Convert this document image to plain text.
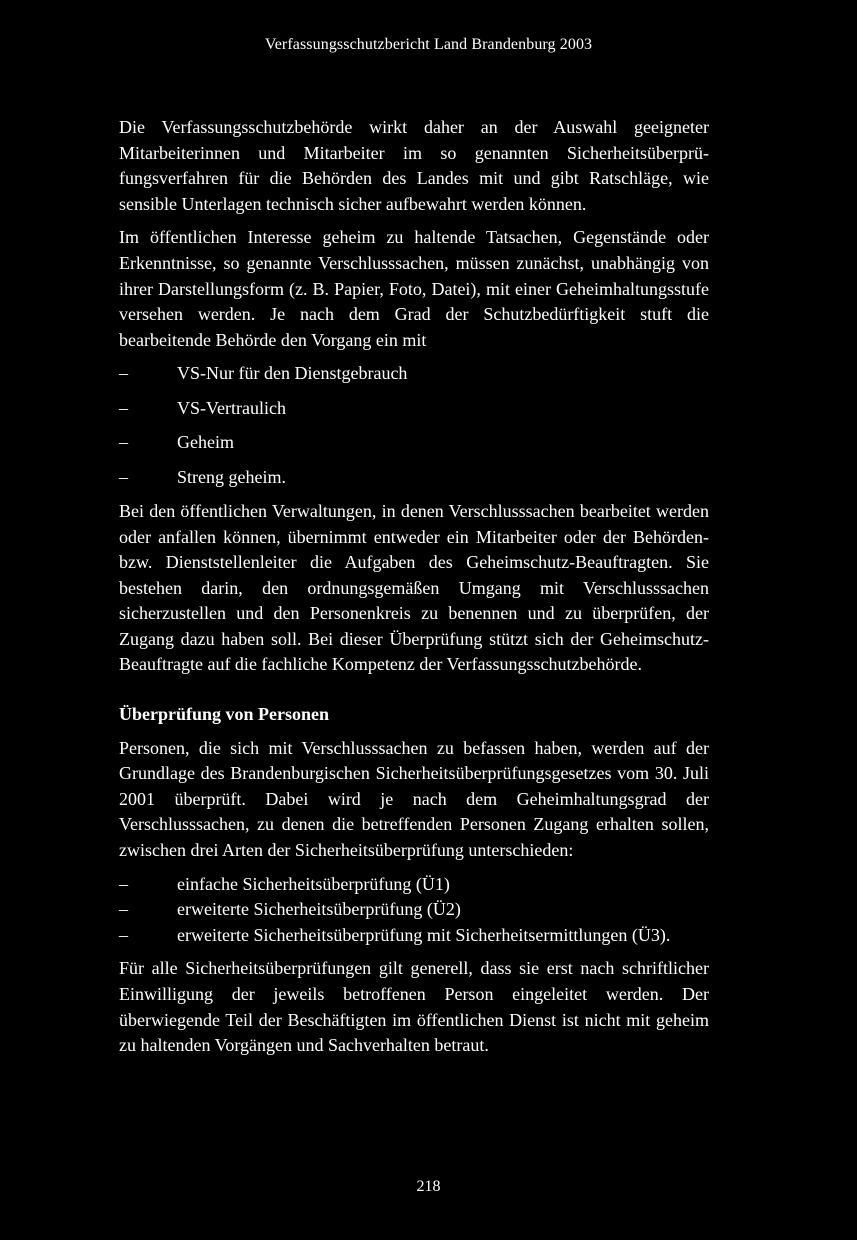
Verfassungsschutzbericht Land Brandenburg 2003

Die Verfassungsschutzbehörde wirkt daher an der Auswahl geeigneter Mitarbeiterinnen und Mitarbeiter im so genannten Sicherheitsüberprüfungsverfahren für die Behörden des Landes mit und gibt Ratschläge, wie sensible Unterlagen technisch sicher aufbewahrt werden können.

Im öffentlichen Interesse geheim zu haltende Tatsachen, Gegenstände oder Erkenntnisse, so genannte Verschlusssachen, müssen zunächst, unabhängig von ihrer Darstellungsform (z. B. Papier, Foto, Datei), mit einer Geheimhaltungsstufe versehen werden. Je nach dem Grad der Schutzbedürftigkeit stuft die bearbeitende Behörde den Vorgang ein mit

–	VS-Nur für den Dienstgebrauch
–	VS-Vertraulich
–	Geheim
–	Streng geheim.

Bei den öffentlichen Verwaltungen, in denen Verschlusssachen bearbeitet werden oder anfallen können, übernimmt entweder ein Mitarbeiter oder der Behörden- bzw. Dienststellenleiter die Aufgaben des Geheimschutz-Beauftragten. Sie bestehen darin, den ordnungsgemäßen Umgang mit Verschlusssachen sicherzustellen und den Personenkreis zu benennen und zu überprüfen, der Zugang dazu haben soll. Bei dieser Überprüfung stützt sich der Geheimschutz-Beauftragte auf die fachliche Kompetenz der Verfassungsschutzbehörde.

Überprüfung von Personen

Personen, die sich mit Verschlusssachen zu befassen haben, werden auf der Grundlage des Brandenburgischen Sicherheitsüberprüfungsgesetzes vom 30. Juli 2001 überprüft. Dabei wird je nach dem Geheimhaltungsgrad der Verschlusssachen, zu denen die betreffenden Personen Zugang erhalten sollen, zwischen drei Arten der Sicherheitsüberprüfung unterschieden:

–	einfache Sicherheitsüberprüfung (Ü1)
–	erweiterte Sicherheitsüberprüfung (Ü2)
–	erweiterte Sicherheitsüberprüfung mit Sicherheitsermittlungen (Ü3).

Für alle Sicherheitsüberprüfungen gilt generell, dass sie erst nach schriftlicher Einwilligung der jeweils betroffenen Person eingeleitet werden. Der überwiegende Teil der Beschäftigten im öffentlichen Dienst ist nicht mit geheim zu haltenden Vorgängen und Sachverhalten betraut.

218
